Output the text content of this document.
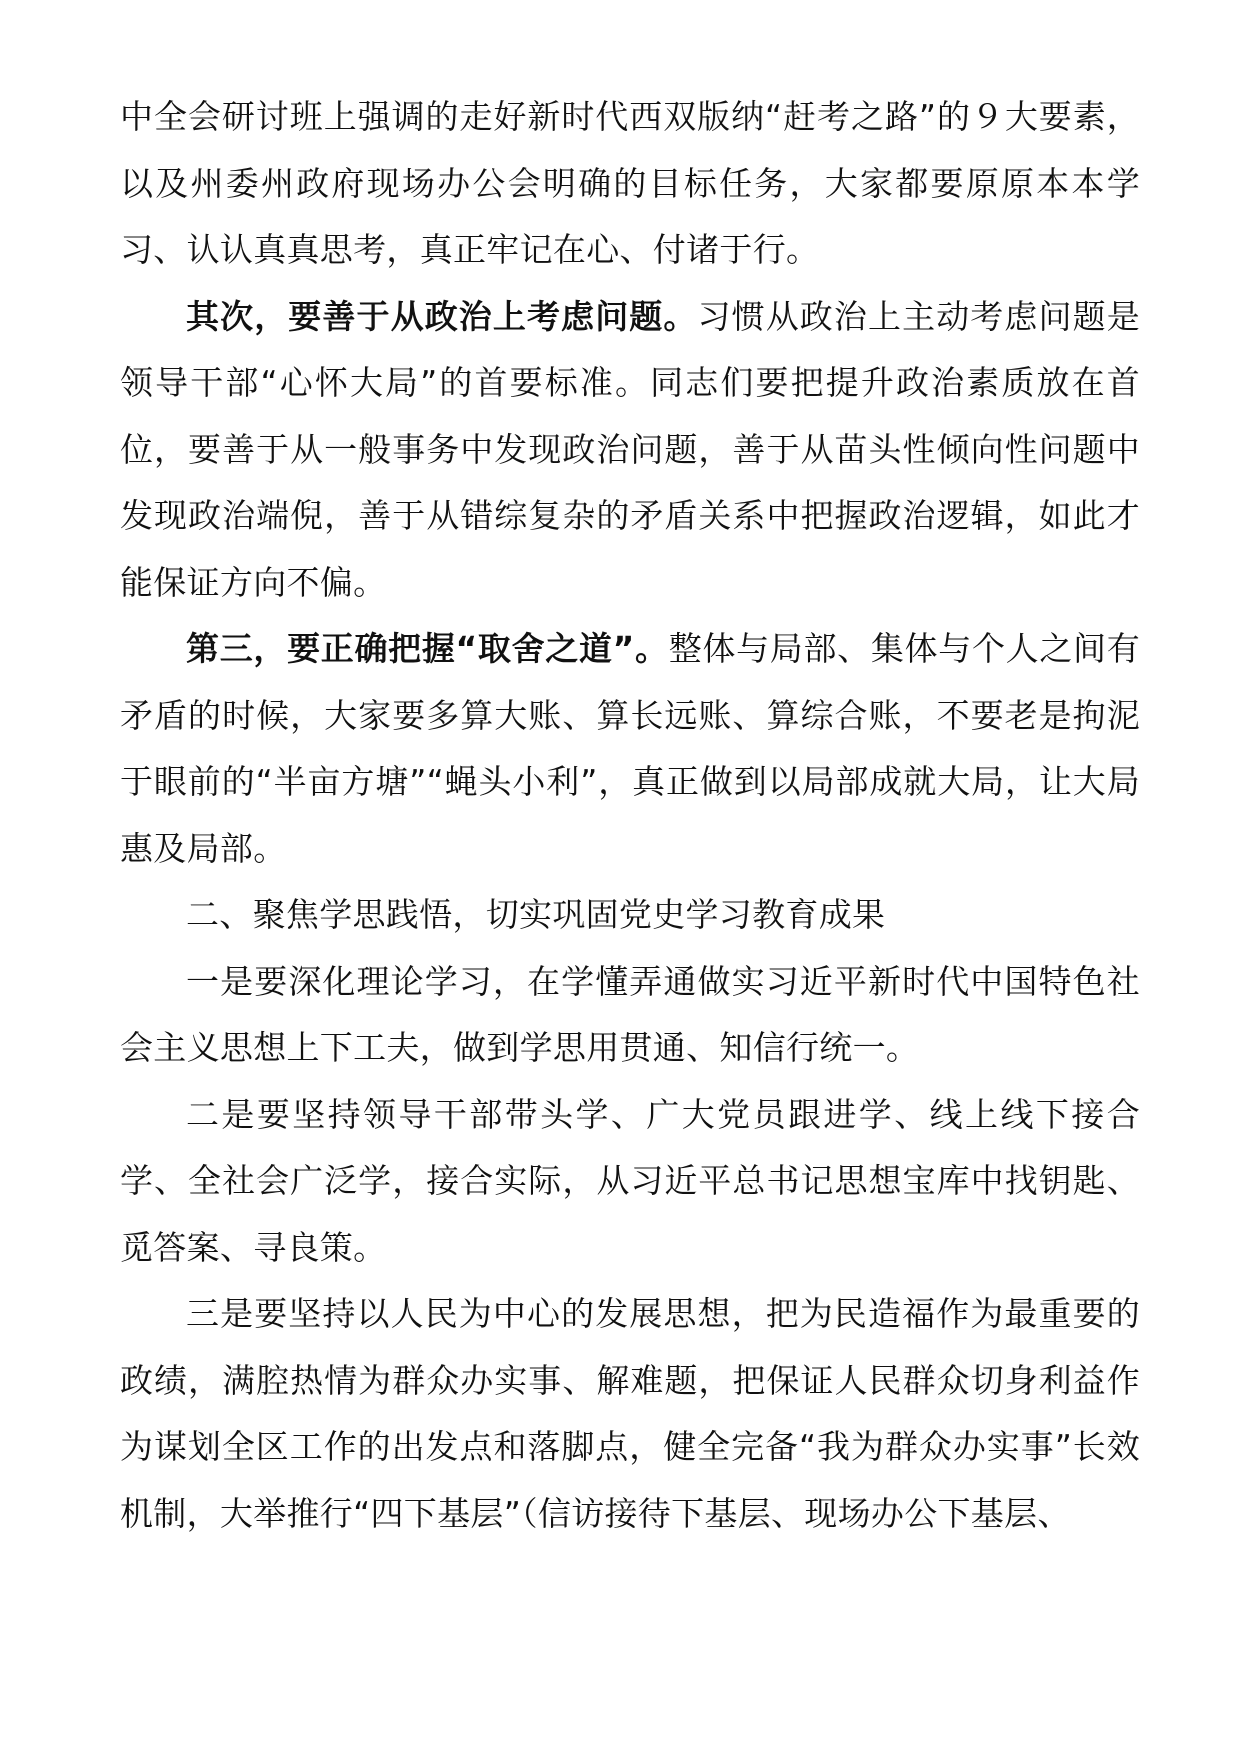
中全会研讨班上强调的走好新时代西双版纳“赶考之路”的９大要素，以及州委州政府现场办公会明确的目标任务，大家都要原原本本学习、认认真真思考，真正牢记在心、付诸于行。

其次，要善于从政治上考虑问题。习惯从政治上主动考虑问题是领导干部“心怀大局”的首要标准。同志们要把提升政治素质放在首位，要善于从一般事务中发现政治问题，善于从苗头性倾向性问题中发现政治端倪，善于从错综复杂的矛盾关系中把握政治逻辑，如此才能保证方向不偏。

第三，要正确把握“取舍之道”。整体与局部、集体与个人之间有矛盾的时候，大家要多算大账、算长远账、算综合账，不要老是拘泥于眼前的“半亩方塘”“蝇头小利”，真正做到以局部成就大局，让大局惠及局部。

二、聚焦学思践悟，切实巩固党史学习教育成果

一是要深化理论学习，在学懂弄通做实习近平新时代中国特色社会主义思想上下工夫，做到学思用贯通、知信行统一。

二是要坚持领导干部带头学、广大党员跟进学、线上线下接合学、全社会广泛学，接合实际，从习近平总书记思想宝库中找钥匙、觅答案、寻良策。

三是要坚持以人民为中心的发展思想，把为民造福作为最重要的政绩，满腔热情为群众办实事、解难题，把保证人民群众切身利益作为谋划全区工作的出发点和落脚点，健全完备“我为群众办实事”长效机制，大举推行“四下基层”（信访接待下基层、现场办公下基层、
